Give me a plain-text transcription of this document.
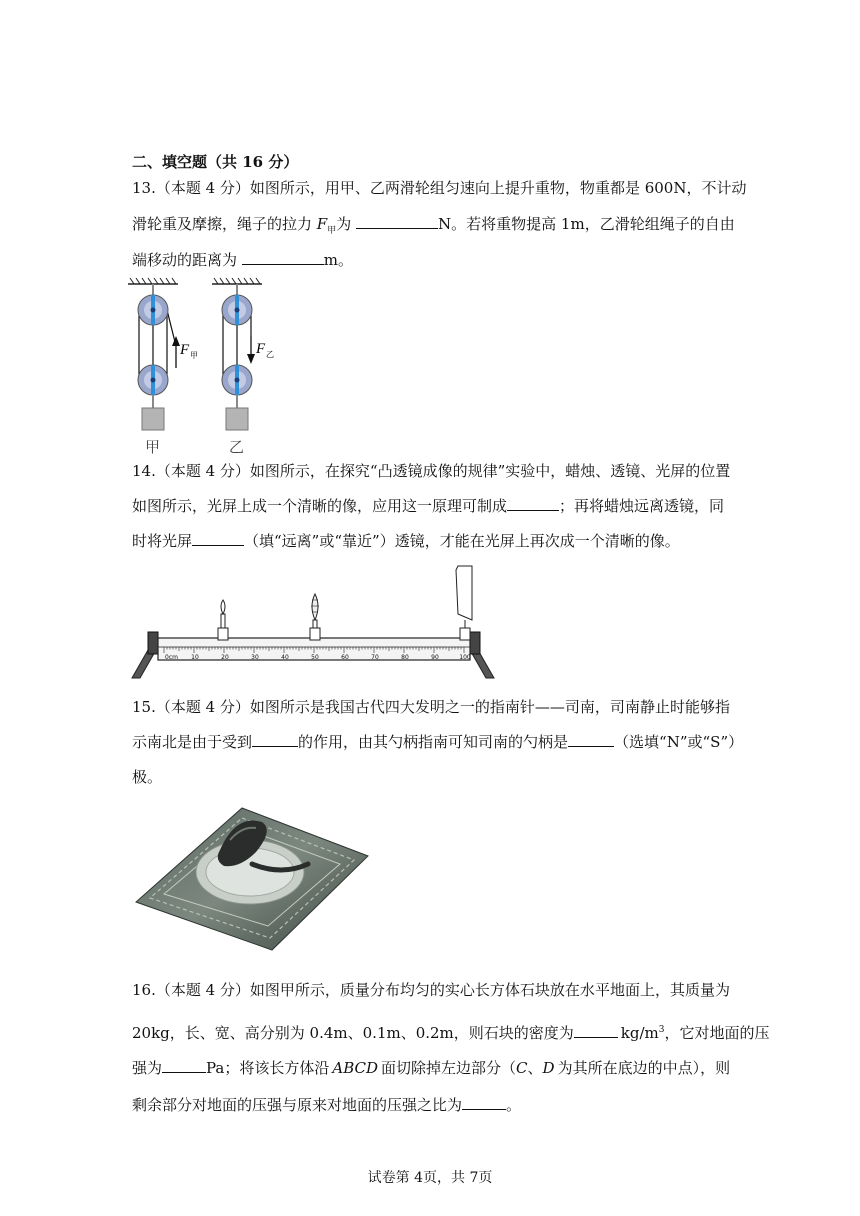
二、填空题（共 16 分）
13.（本题 4 分）如图所示，用甲、乙两滑轮组匀速向上提升重物，物重都是 600N，不计动
滑轮重及摩擦，绳子的拉力 $F_甲$为	N。若将重物提高 1m，乙滑轮组绳子的自由
端移动的距离为	m。
F 甲	F 乙
甲	乙
14.（本题 4 分）如图所示，在探究“凸透镜成像的规律”实验中，蜡烛、透镜、光屏的位置
如图所示，光屏上成一个清晰的像，应用这一原理可制成	；再将蜡烛远离透镜，同
时将光屏	（填“远离”或“靠近”）透镜，才能在光屏上再次成一个清晰的像。
0cm 10	20	30	40	50	60	70	80	90	100
15.（本题 4 分）如图所示是我国古代四大发明之一的指南针——司南，司南静止时能够指
示南北是由于受到	的作用，由其勺柄指南可知司南的勺柄是	（选填“N”或“S”）
极。
16.（本题 4 分）如图甲所示，质量分布均匀的实心长方体石块放在水平地面上，其质量为
20kg，长、宽、高分别为 0.4m、0.1m、0.2m，则石块的密度为	$kg/m^3$，它对地面的压
强为	Pa；将该长方体沿 ABCD 面切除掉左边部分（C、D 为其所在底边的中点），则
剩余部分对地面的压强与原来对地面的压强之比为	。
试卷第 4页，共 7页
